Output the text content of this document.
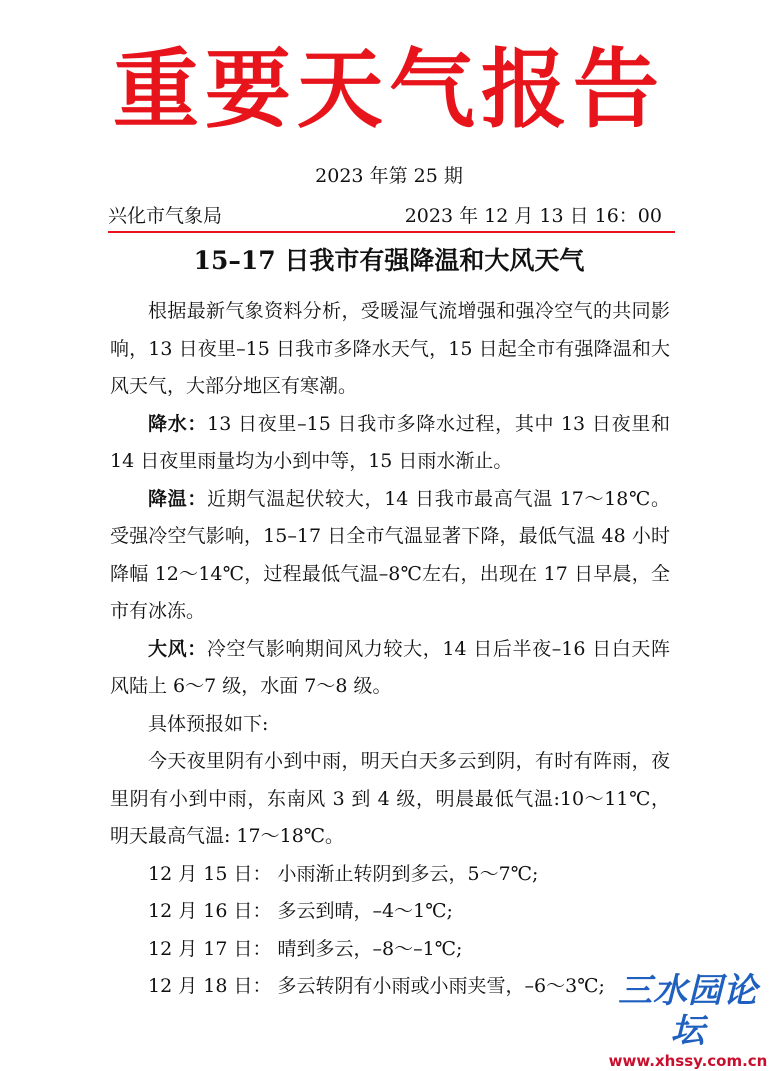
重要天气报告
2023 年第 25 期
兴化市气象局	2023 年 12 月 13 日 16：00
15–17 日我市有强降温和大风天气

根据最新气象资料分析，受暖湿气流增强和强冷空气的共同影响，13 日夜里–15 日我市多降水天气，15 日起全市有强降温和大风天气，大部分地区有寒潮。

降水：13 日夜里–15 日我市多降水过程，其中 13 日夜里和 14 日夜里雨量均为小到中等，15 日雨水渐止。

降温：近期气温起伏较大，14 日我市最高气温 17～18℃。受强冷空气影响，15–17 日全市气温显著下降，最低气温 48 小时降幅 12～14℃，过程最低气温–8℃左右，出现在 17 日早晨，全市有冰冻。

大风：冷空气影响期间风力较大，14 日后半夜–16 日白天阵风陆上 6～7 级，水面 7～8 级。

具体预报如下:

今天夜里阴有小到中雨，明天白天多云到阴，有时有阵雨，夜里阴有小到中雨，东南风 3 到 4 级，明晨最低气温:10～11℃，明天最高气温: 17～18℃。

12 月 15 日： 小雨渐止转阴到多云，5～7℃;

12 月 16 日： 多云到晴，–4～1℃;

12 月 17 日： 晴到多云，–8～–1℃;

12 月 18 日： 多云转阴有小雨或小雨夹雪，–6～3℃; 三水园论坛
www.xhssy.com.cn
